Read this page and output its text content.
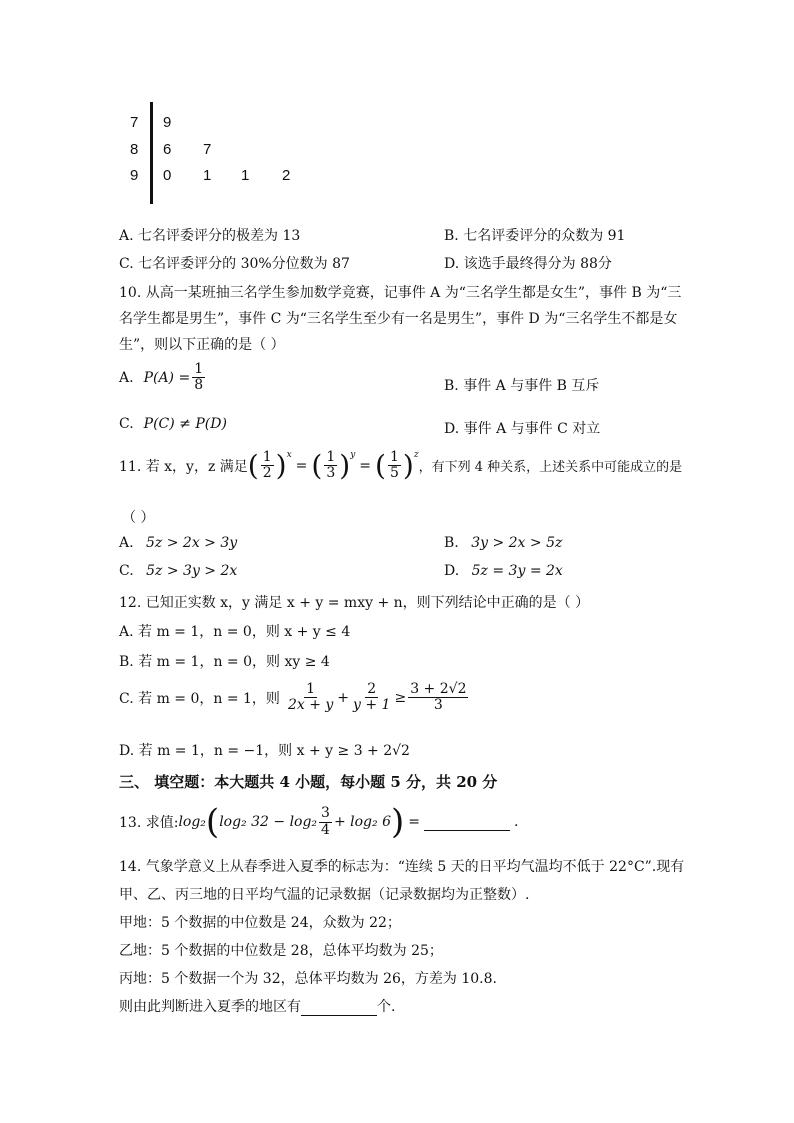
7 9
8 6 7
9 0 1 1 2
A. 七名评委评分的极差为 13	B. 七名评委评分的众数为 91
C. 七名评委评分的 30%分位数为 87	D. 该选手最终得分为 88分
10. 从高一某班抽三名学生参加数学竞赛，记事件 A 为“三名学生都是女生”，事件 B 为“三
名学生都是男生”，事件 C 为“三名学生至少有一名是男生”，事件 D 为“三名学生不都是女
生”，则以下正确的是（ ）
A. $P(A) = \frac{1}{8}$	B. 事件 A 与事件 B 互斥
C. P(C) ≠ P(D)	D. 事件 A 与事件 C 对立
11. 若 x，y，z 满足 ( $\frac{1}{2} )^x$
= ( $\frac{1}{3} )^y$
= ( $\frac{1}{5} )^z$
，有下列 4 种关系，上述关系中可能成立的是
（ ）
A. 5z > 2x > 3y	B. 3y > 2x > 5z
C. 5z > 3y > 2x	D. 5z = 3y = 2x
12. 已知正实数 x，y 满足 x + y = mxy + n，则下列结论中正确的是（ ）
A. 若 m = 1，n = 0，则 x + y ≤ 4
B. 若 m = 1，n = 0，则 xy ≥ 4
C. 若 m = 0，n = 1，则 $\frac{1}{2x + y} + \frac{2}{y + 1} \ge \frac{3 + 2√2}{3}$
D. 若 m = 1，n = −1，则 x + y ≥ 3 + 2√2
三、 填空题：本大题共 4 小题，每小题 5 分，共 20 分
13. 求值: log₂ ( log₂ $32 - \log_2 \frac{3}{4} + \log_2$ 6 ) =	.
14. 气象学意义上从春季进入夏季的标志为：“连续 5 天的日平均气温均不低于 22°C”.现有
甲、乙、丙三地的日平均气温的记录数据（记录数据均为正整数）.
甲地：5 个数据的中位数是 24，众数为 22；
乙地：5 个数据的中位数是 28，总体平均数为 25；
丙地：5 个数据一个为 32，总体平均数为 26，方差为 10.8.
则由此判断进入夏季的地区有	个.
